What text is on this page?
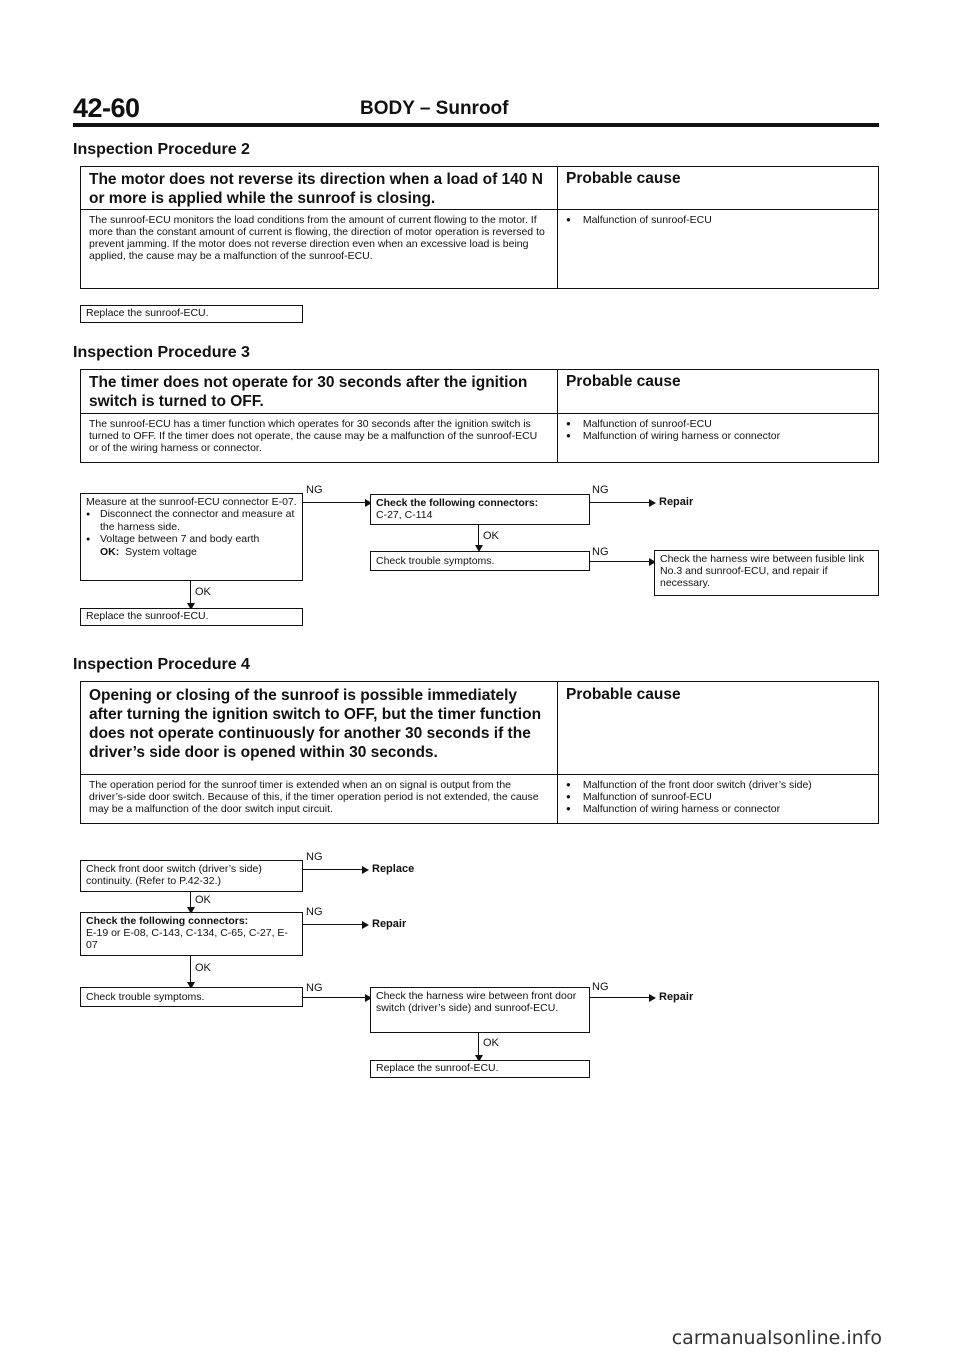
42-60	BODY – Sunroof
Inspection Procedure 2
The motor does not reverse its direction when a load of 140 N or more is applied while the sunroof is closing.
Probable cause
The sunroof-ECU monitors the load conditions from the amount of current flowing to the motor. If more than the constant amount of current is flowing, the direction of motor operation is reversed to prevent jamming. If the motor does not reverse direction even when an excessive load is being applied, the cause may be a malfunction of the sunroof-ECU.
● Malfunction of sunroof-ECU
Replace the sunroof-ECU.
Inspection Procedure 3
The timer does not operate for 30 seconds after the ignition switch is turned to OFF.
Probable cause
The sunroof-ECU has a timer function which operates for 30 seconds after the ignition switch is turned to OFF. If the timer does not operate, the cause may be a malfunction of the sunroof-ECU or of the wiring harness or connector.
● Malfunction of sunroof-ECU
● Malfunction of wiring harness or connector
Measure at the sunroof-ECU connector E-07.
● Disconnect the connector and measure at the harness side.
● Voltage between 7 and body earth
OK: System voltage
NG
Check the following connectors:
C-27, C-114
NG
Repair
OK
Check trouble symptoms.
NG
Check the harness wire between fusible link No.3 and sunroof-ECU, and repair if necessary.
OK
Replace the sunroof-ECU.
Inspection Procedure 4
Opening or closing of the sunroof is possible immediately after turning the ignition switch to OFF, but the timer function does not operate continuously for another 30 seconds if the driver’s side door is opened within 30 seconds.
Probable cause
The operation period for the sunroof timer is extended when an on signal is output from the driver’s-side door switch. Because of this, if the timer operation period is not extended, the cause may be a malfunction of the door switch input circuit.
● Malfunction of the front door switch (driver’s side)
● Malfunction of sunroof-ECU
● Malfunction of wiring harness or connector
Check front door switch (driver’s side) continuity. (Refer to P.42-32.)
NG
Replace
OK
Check the following connectors:
E-19 or E-08, C-143, C-134, C-65, C-27, E-07
NG
Repair
OK
Check trouble symptoms.
NG
Check the harness wire between front door switch (driver’s side) and sunroof-ECU.
NG
Repair
OK
Replace the sunroof-ECU.
carmanualsonline.info
